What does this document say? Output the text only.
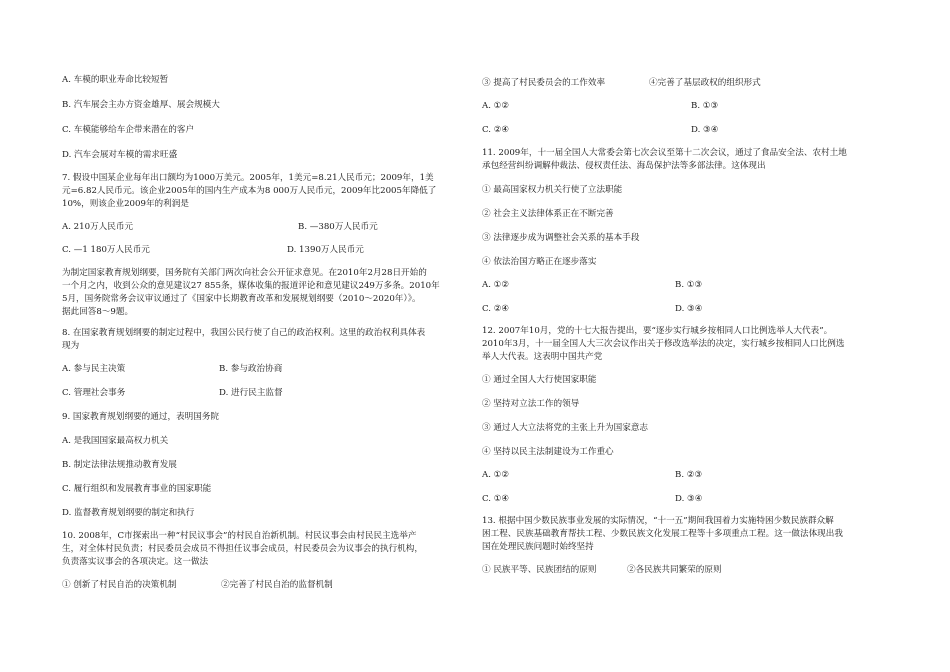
A. 车模的职业寿命比较短暂
B. 汽车展会主办方资金雄厚、展会规模大
C. 车模能够给车企带来潜在的客户
D. 汽车会展对车模的需求旺盛
7. 假设中国某企业每年出口额均为1000万美元。2005年，1美元=8.21人民币元；2009年，1美
元=6.82人民币元。该企业2005年的国内生产成本为8 000万人民币元，2009年比2005年降低了
10%，则该企业2009年的利润是
A. 210万人民币元	B. —380万人民币元
C. —1 180万人民币元	D. 1390万人民币元
为制定国家教育规划纲要，国务院有关部门两次向社会公开征求意见。在2010年2月28日开始的
一个月之内，收到公众的意见建议27 855条，媒体收集的报道评论和意见建议249万多条。2010年
5月，国务院常务会议审议通过了《国家中长期教育改革和发展规划纲要（2010～2020年）》。
据此回答8～9题。
8. 在国家教育规划纲要的制定过程中，我国公民行使了自己的政治权利。这里的政治权利具体表
现为
A. 参与民主决策	B. 参与政治协商
C. 管理社会事务	D. 进行民主监督
9. 国家教育规划纲要的通过，表明国务院
A. 是我国国家最高权力机关
B. 制定法律法规推动教育发展
C. 履行组织和发展教育事业的国家职能
D. 监督教育规划纲要的制定和执行
10. 2008年，C市探索出一种“村民议事会”的村民自治新机制。村民议事会由村民民主选举产
生，对全体村民负责；村民委员会成员不得担任议事会成员，村民委员会为议事会的执行机构，
负责落实议事会的各项决定。这一做法
① 创新了村民自治的决策机制	②完善了村民自治的监督机制
③ 提高了村民委员会的工作效率	④完善了基层政权的组织形式
A. ①②	B. ①③
C. ②④	D. ③④
11. 2009年，十一届全国人大常委会第七次会议至第十二次会议，通过了食品安全法、农村土地
承包经营纠纷调解仲裁法、侵权责任法、海岛保护法等多部法律。这体现出
① 最高国家权力机关行使了立法职能
② 社会主义法律体系正在不断完善
③ 法律逐步成为调整社会关系的基本手段
④ 依法治国方略正在逐步落实
A. ①②	B. ①③
C. ②④	D. ③④
12. 2007年10月，党的十七大报告提出，要“逐步实行城乡按相同人口比例选举人大代表”。
2010年3月，十一届全国人大三次会议作出关于修改选举法的决定，实行城乡按相同人口比例选
举人大代表。这表明中国共产党
① 通过全国人大行使国家职能
② 坚持对立法工作的领导
③ 通过人大立法将党的主张上升为国家意志
④ 坚持以民主法制建设为工作重心
A. ①②	B. ②③
C. ①④	D. ③④
13. 根据中国少数民族事业发展的实际情况，“十一五”期间我国着力实施特困少数民族群众解
困工程、民族基础教育帮扶工程、少数民族文化发展工程等十多项重点工程。这一做法体现出我
国在处理民族问题时始终坚持
① 民族平等、民族团结的原则	②各民族共同繁荣的原则
